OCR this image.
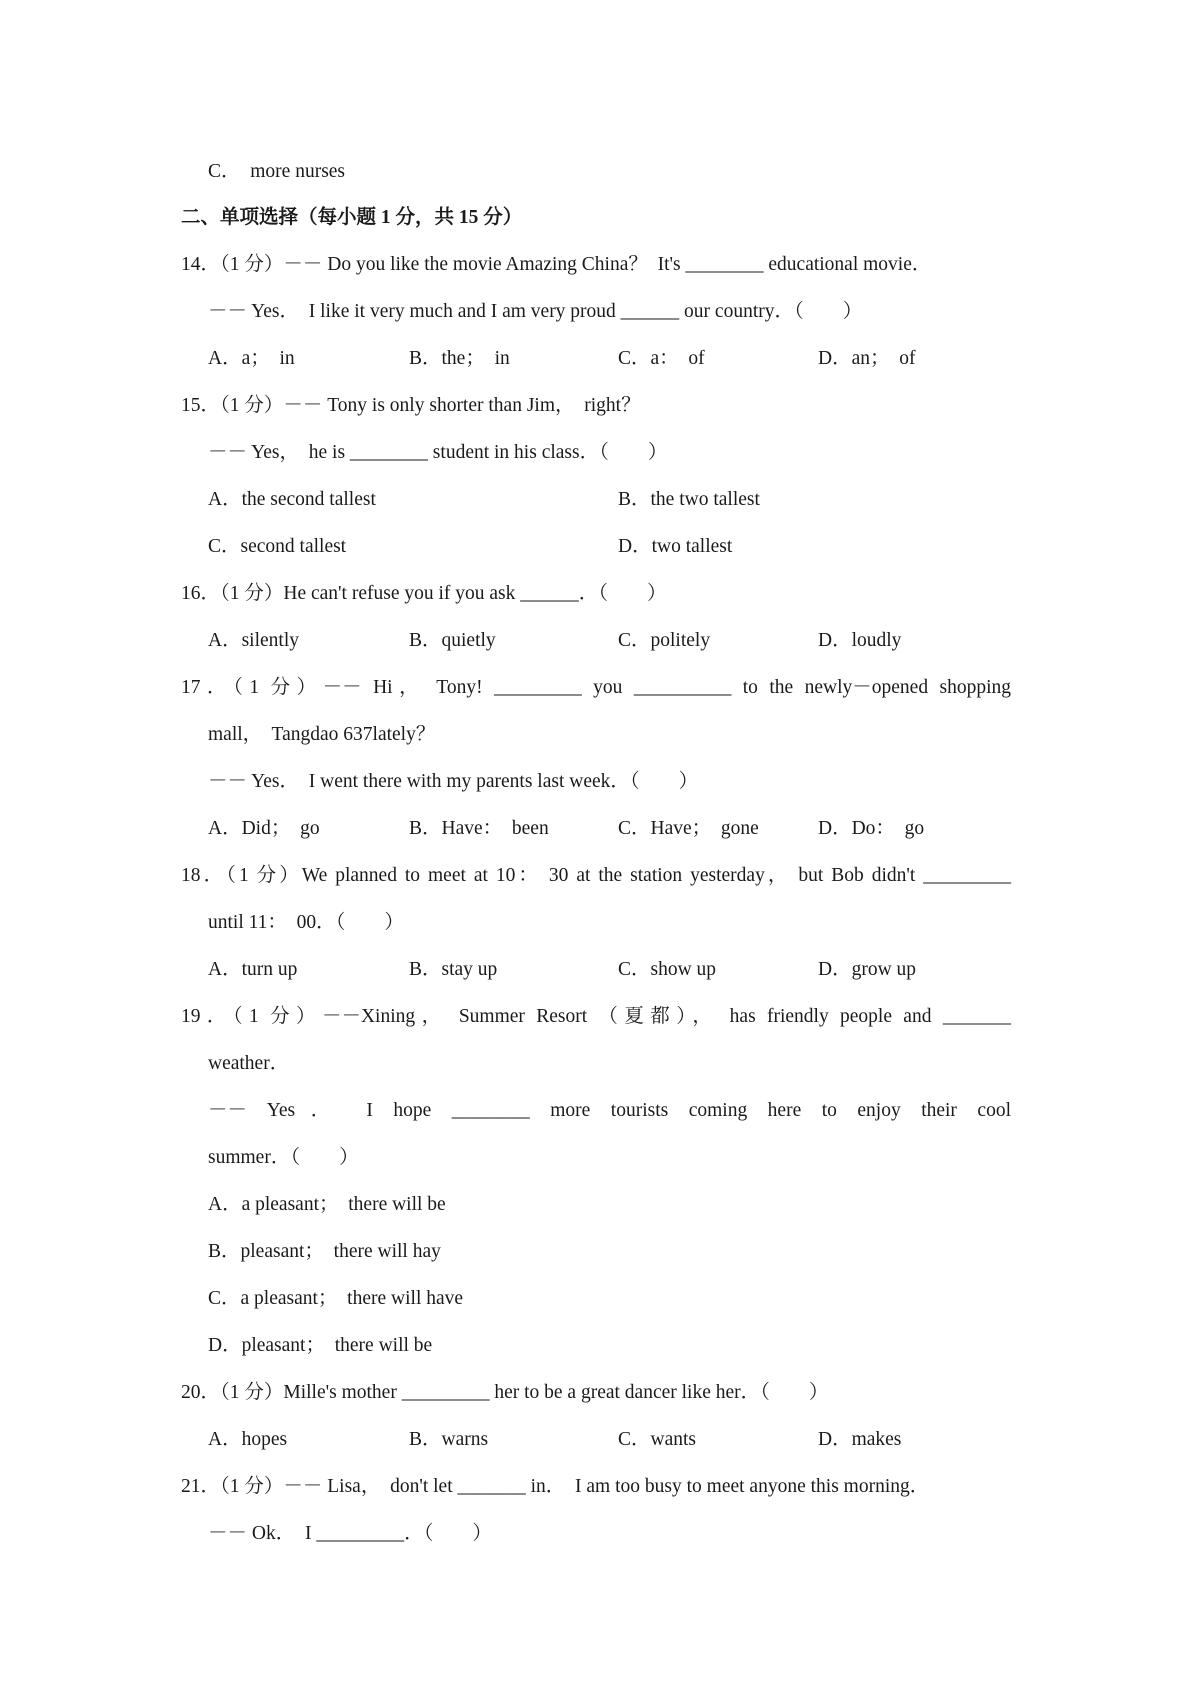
C．  more nurses
二、单项选择（每小题 1 分，共 15 分）
14．（1 分）－－ Do you like the movie Amazing China？  It's ________ educational movie．
－－ Yes．  I like it very much and I am very proud ______ our country．（　　）
A．a；  in	B．the；  in	C．a：  of	D．an；  of
15．（1 分）－－ Tony is only shorter than Jim，  right？
－－ Yes，  he is ________ student in his class．（　　）
A．the second tallest	B．the two tallest
C．second tallest	D．two tallest
16．（1 分）He can't refuse you if you ask ______．（　　）
A．silently	B．quietly	C．politely	D．loudly
17．（1 分）－－ Hi， Tony! _________ you __________ to the newly－opened shopping
mall，  Tangdao 637lately？
－－ Yes．  I went there with my parents last week．（　　）
A．Did；  go	B．Have：  been	C．Have；  gone	D．Do：  go
18．（1 分）We planned to meet at 10： 30 at the station yesterday， but Bob didn't _________
until 11：  00．（　　）
A．turn up	B．stay up	C．show up	D．grow up
19．（1 分）－－Xining， Summer Resort （夏都）， has friendly people and _______
weather．
－－ Yes． I hope ________ more tourists coming here to enjoy their cool
summer．（　　）
A．a pleasant；  there will be
B．pleasant；  there will hay
C．a pleasant；  there will have
D．pleasant；  there will be
20．（1 分）Mille's mother _________ her to be a great dancer like her．（　　）
A．hopes	B．warns	C．wants	D．makes
21．（1 分）－－ Lisa，  don't let _______ in．  I am too busy to meet anyone this morning．
－－ Ok．  I _________．（　　）
